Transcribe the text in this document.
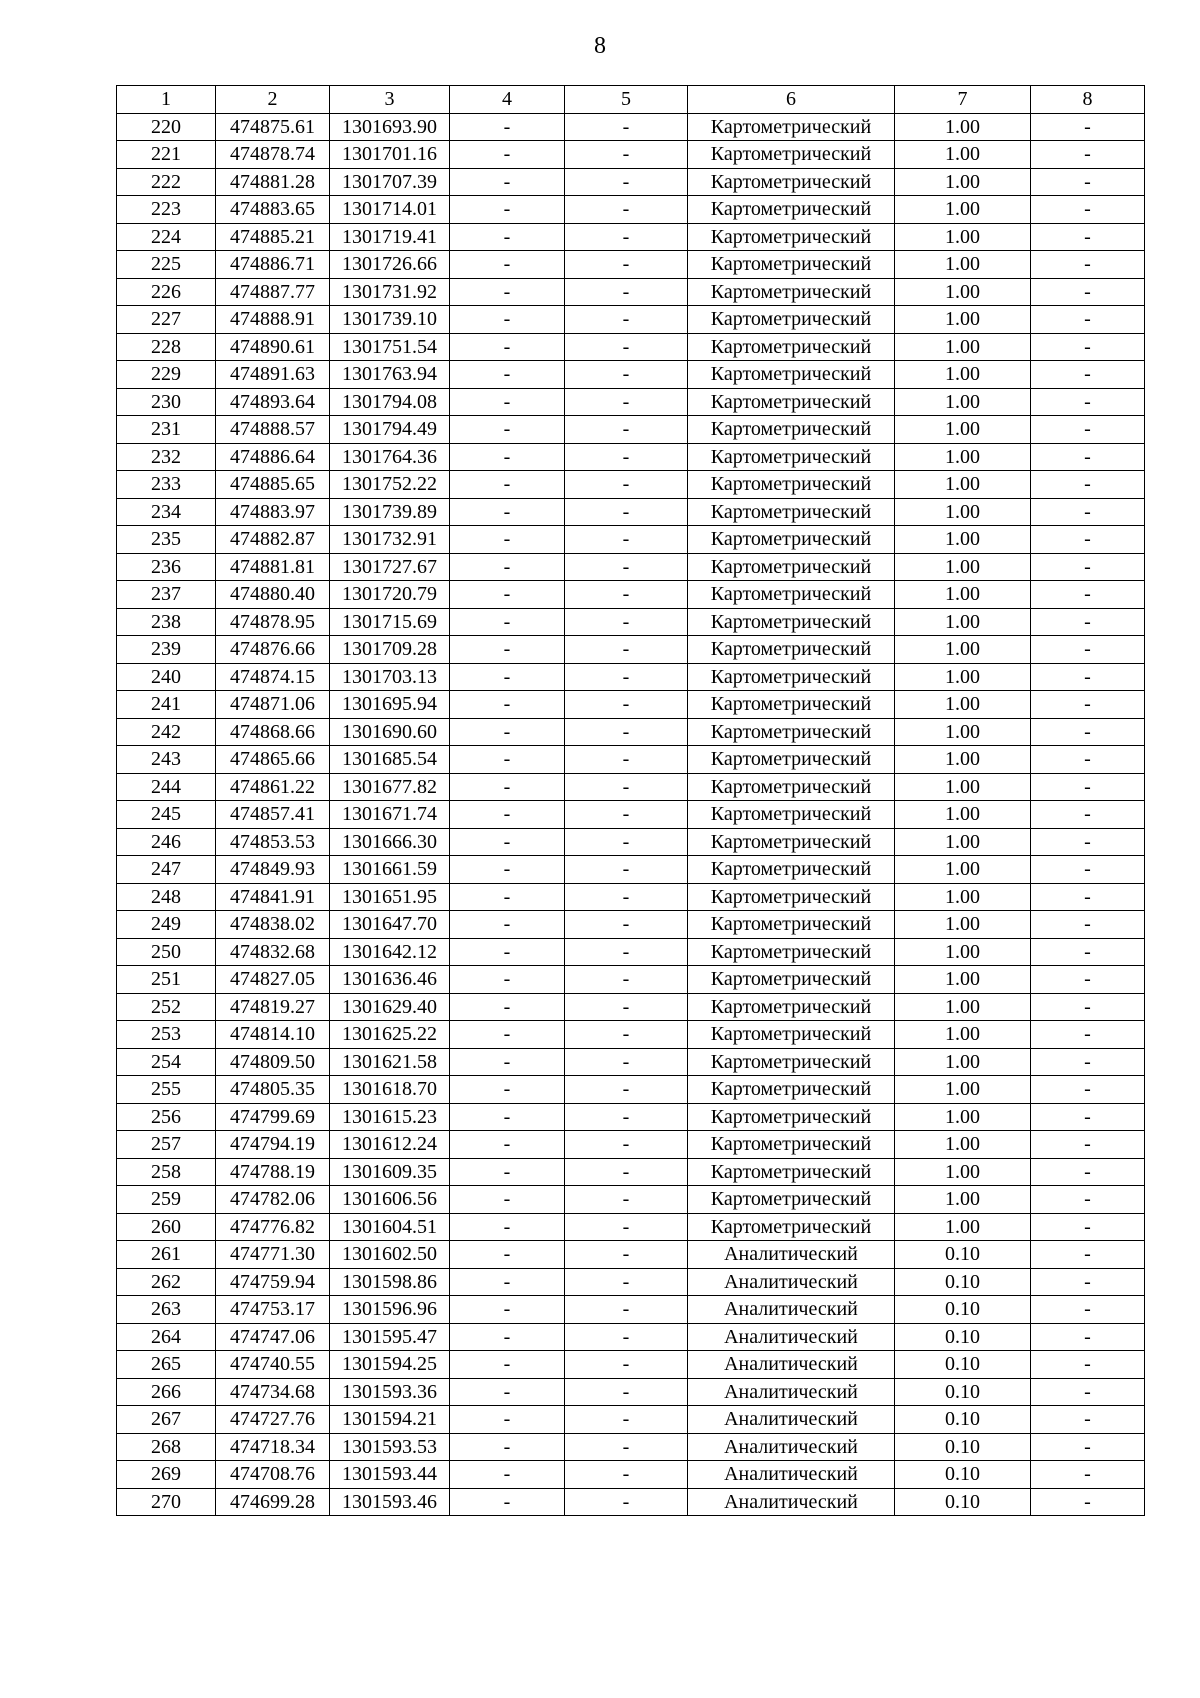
8
1	2	3	4	5	6	7	8
220	474875.61	1301693.90	-	-	Картометрический	1.00	-
221	474878.74	1301701.16	-	-	Картометрический	1.00	-
222	474881.28	1301707.39	-	-	Картометрический	1.00	-
223	474883.65	1301714.01	-	-	Картометрический	1.00	-
224	474885.21	1301719.41	-	-	Картометрический	1.00	-
225	474886.71	1301726.66	-	-	Картометрический	1.00	-
226	474887.77	1301731.92	-	-	Картометрический	1.00	-
227	474888.91	1301739.10	-	-	Картометрический	1.00	-
228	474890.61	1301751.54	-	-	Картометрический	1.00	-
229	474891.63	1301763.94	-	-	Картометрический	1.00	-
230	474893.64	1301794.08	-	-	Картометрический	1.00	-
231	474888.57	1301794.49	-	-	Картометрический	1.00	-
232	474886.64	1301764.36	-	-	Картометрический	1.00	-
233	474885.65	1301752.22	-	-	Картометрический	1.00	-
234	474883.97	1301739.89	-	-	Картометрический	1.00	-
235	474882.87	1301732.91	-	-	Картометрический	1.00	-
236	474881.81	1301727.67	-	-	Картометрический	1.00	-
237	474880.40	1301720.79	-	-	Картометрический	1.00	-
238	474878.95	1301715.69	-	-	Картометрический	1.00	-
239	474876.66	1301709.28	-	-	Картометрический	1.00	-
240	474874.15	1301703.13	-	-	Картометрический	1.00	-
241	474871.06	1301695.94	-	-	Картометрический	1.00	-
242	474868.66	1301690.60	-	-	Картометрический	1.00	-
243	474865.66	1301685.54	-	-	Картометрический	1.00	-
244	474861.22	1301677.82	-	-	Картометрический	1.00	-
245	474857.41	1301671.74	-	-	Картометрический	1.00	-
246	474853.53	1301666.30	-	-	Картометрический	1.00	-
247	474849.93	1301661.59	-	-	Картометрический	1.00	-
248	474841.91	1301651.95	-	-	Картометрический	1.00	-
249	474838.02	1301647.70	-	-	Картометрический	1.00	-
250	474832.68	1301642.12	-	-	Картометрический	1.00	-
251	474827.05	1301636.46	-	-	Картометрический	1.00	-
252	474819.27	1301629.40	-	-	Картометрический	1.00	-
253	474814.10	1301625.22	-	-	Картометрический	1.00	-
254	474809.50	1301621.58	-	-	Картометрический	1.00	-
255	474805.35	1301618.70	-	-	Картометрический	1.00	-
256	474799.69	1301615.23	-	-	Картометрический	1.00	-
257	474794.19	1301612.24	-	-	Картометрический	1.00	-
258	474788.19	1301609.35	-	-	Картометрический	1.00	-
259	474782.06	1301606.56	-	-	Картометрический	1.00	-
260	474776.82	1301604.51	-	-	Картометрический	1.00	-
261	474771.30	1301602.50	-	-	Аналитический	0.10	-
262	474759.94	1301598.86	-	-	Аналитический	0.10	-
263	474753.17	1301596.96	-	-	Аналитический	0.10	-
264	474747.06	1301595.47	-	-	Аналитический	0.10	-
265	474740.55	1301594.25	-	-	Аналитический	0.10	-
266	474734.68	1301593.36	-	-	Аналитический	0.10	-
267	474727.76	1301594.21	-	-	Аналитический	0.10	-
268	474718.34	1301593.53	-	-	Аналитический	0.10	-
269	474708.76	1301593.44	-	-	Аналитический	0.10	-
270	474699.28	1301593.46	-	-	Аналитический	0.10	-
